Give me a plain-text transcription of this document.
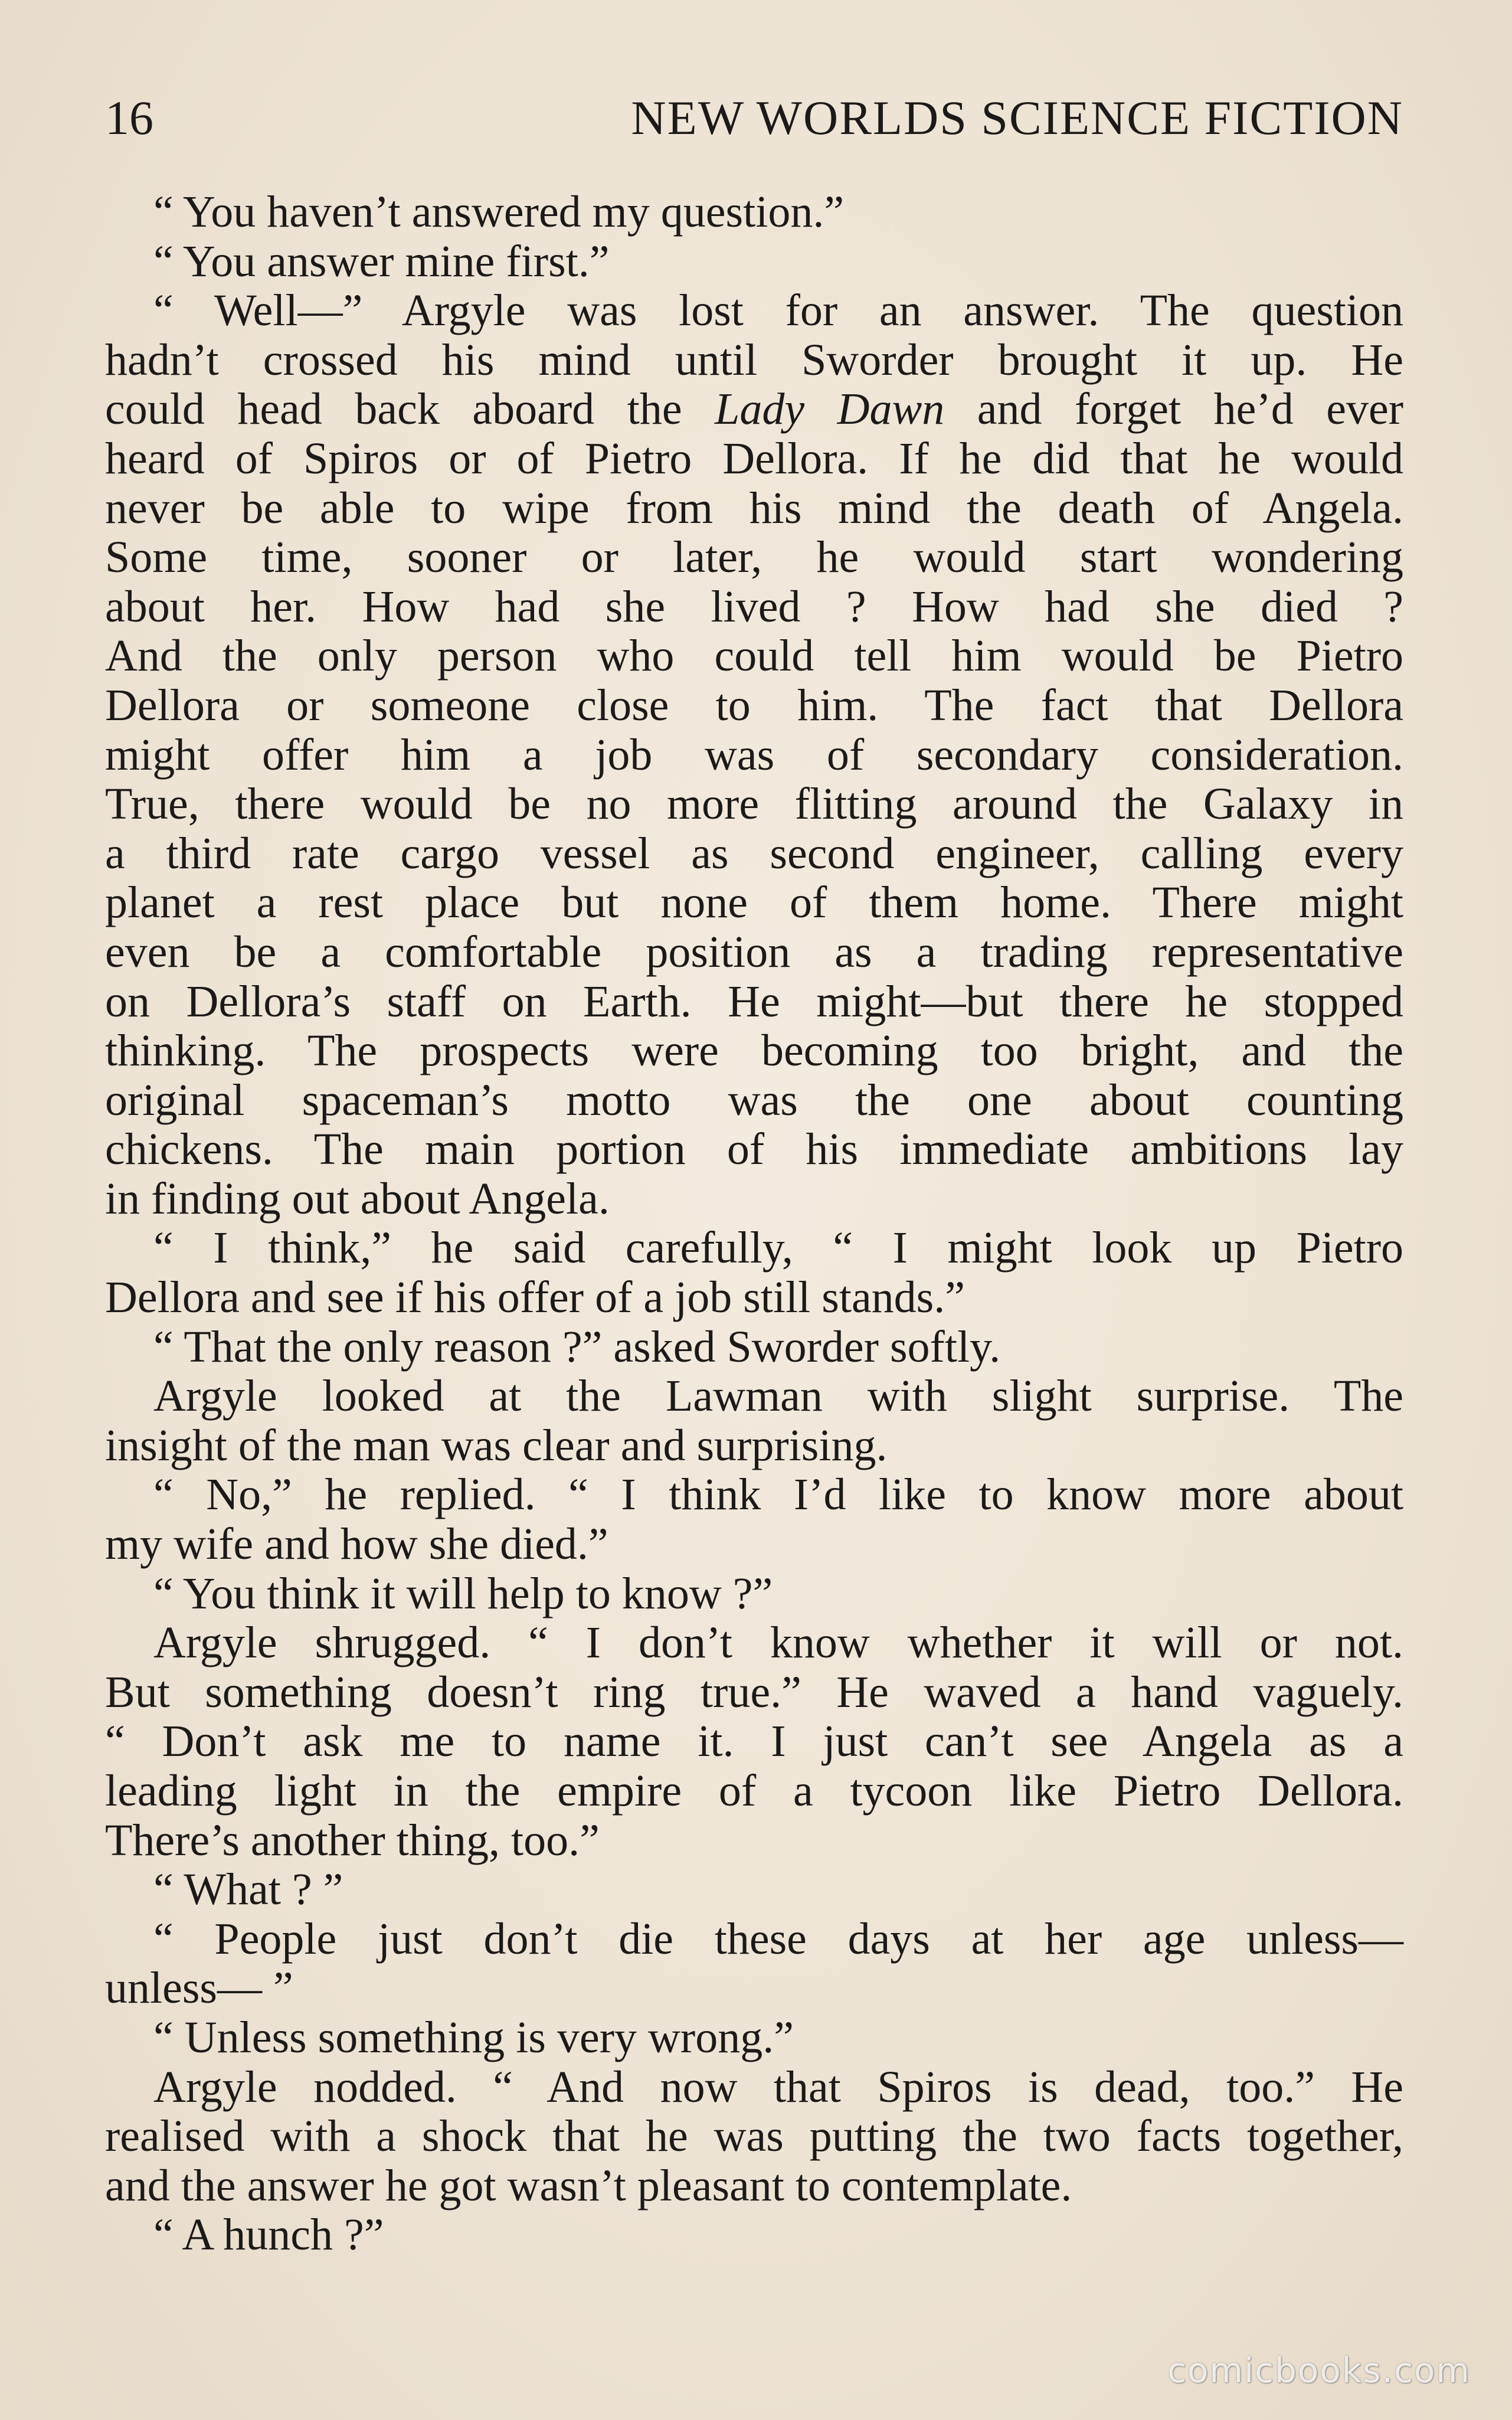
16	NEW WORLDS SCIENCE FICTION
“ You haven’t answered my question.”
“ You answer mine first.”
“ Well—” Argyle was lost for an answer. The question
hadn’t crossed his mind until Sworder brought it up. He
could head back aboard the Lady Dawn and forget he’d ever
heard of Spiros or of Pietro Dellora. If he did that he would
never be able to wipe from his mind the death of Angela.
Some time, sooner or later, he would start wondering
about her. How had she lived ? How had she died ?
And the only person who could tell him would be Pietro
Dellora or someone close to him. The fact that Dellora
might offer him a job was of secondary consideration.
True, there would be no more flitting around the Galaxy in
a third rate cargo vessel as second engineer, calling every
planet a rest place but none of them home. There might
even be a comfortable position as a trading representative
on Dellora’s staff on Earth. He might—but there he stopped
thinking. The prospects were becoming too bright, and the
original spaceman’s motto was the one about counting
chickens. The main portion of his immediate ambitions lay
in finding out about Angela.
“ I think,” he said carefully, “ I might look up Pietro
Dellora and see if his offer of a job still stands.”
“ That the only reason ?” asked Sworder softly.
Argyle looked at the Lawman with slight surprise. The
insight of the man was clear and surprising.
“ No,” he replied. “ I think I’d like to know more about
my wife and how she died.”
“ You think it will help to know ?”
Argyle shrugged. “ I don’t know whether it will or not.
But something doesn’t ring true.” He waved a hand vaguely.
“ Don’t ask me to name it. I just can’t see Angela as a
leading light in the empire of a tycoon like Pietro Dellora.
There’s another thing, too.”
“ What ? ”
“ People just don’t die these days at her age unless—
unless— ”
“ Unless something is very wrong.”
Argyle nodded. “ And now that Spiros is dead, too.” He
realised with a shock that he was putting the two facts together,
and the answer he got wasn’t pleasant to contemplate.
“ A hunch ?”
comicbooks.com
